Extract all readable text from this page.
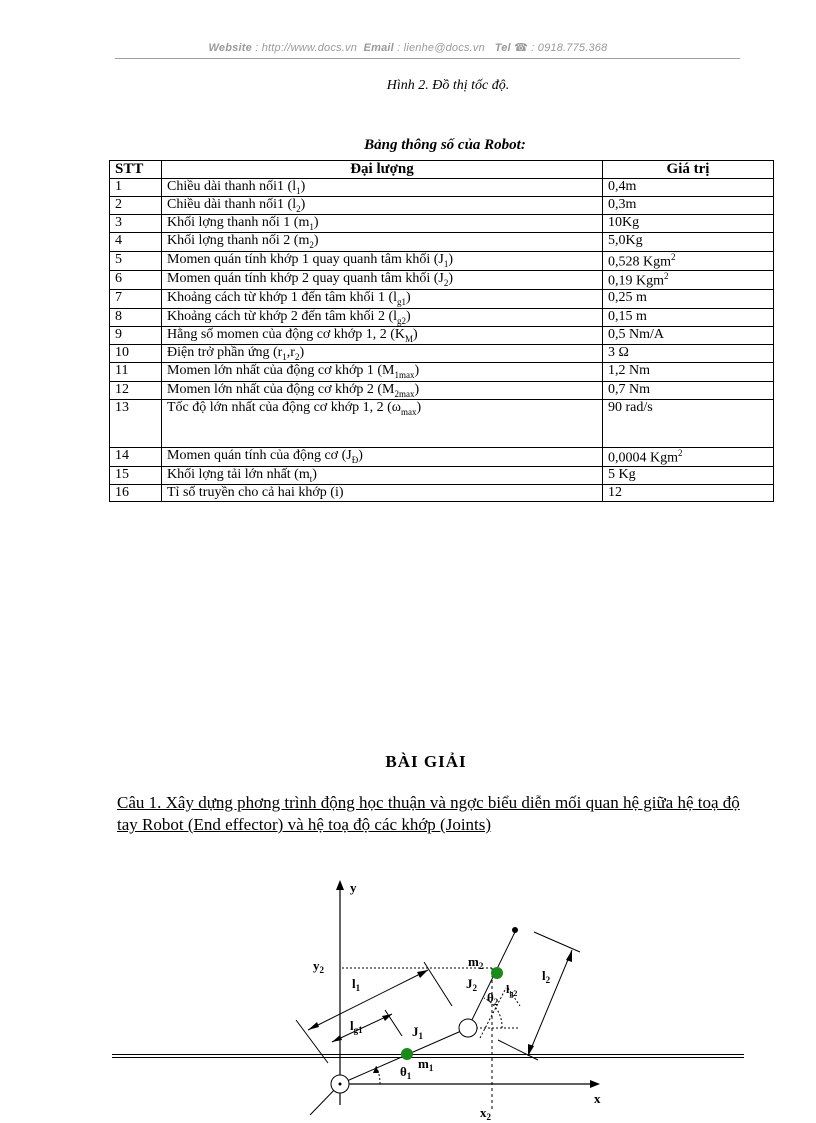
Website : http://www.docs.vn Email : lienhe@docs.vn Tel ☎ : 0918.775.368
Hình 2. Đồ thị tốc độ.
Bảng thông số của Robot:
STT	Đại lượng	Giá trị
1	Chiều dài thanh nối1 $(l_1)$	0,4m
2	Chiều dài thanh nối1 $(l_2)$	0,3m
3	Khối lợng thanh nối 1 $(m_1)$	10Kg
4	Khối lợng thanh nối 2 $(m_2)$	5,0Kg
5	Momen quán tính khớp 1 quay quanh tâm khối $(J_1)$	0,528 Kgm$^2$
6	Momen quán tính khớp 2 quay quanh tâm khối $(J_2)$	0,19 Kgm$^2$
7	Khoảng cách từ khớp 1 đến tâm khối 1 $(l_{g1})$	0,25 m
8	Khoảng cách từ khớp 2 đến tâm khối 2 $(l_{g2})$	0,15 m
9	Hằng số momen của động cơ khớp 1, 2 $(K_M)$	0,5 Nm/A
10	Điện trở phần ứng $(r_1,r_2)$	3 Ω
11	Momen lớn nhất của động cơ khớp 1 $(M_{1max})$	1,2 Nm
12	Momen lớn nhất của động cơ khớp 2 $(M_{2max})$	0,7 Nm
13	Tốc độ lớn nhất của động cơ khớp 1, 2 $(\omega_{max})$	90 rad/s
14	Momen quán tính của động cơ $(J_Đ)$	0,0004 Kgm$^2$
15	Khối lợng tải lớn nhất $(m_t)$	5 Kg
16	Tỉ số truyền cho cả hai khớp (i)	12
BÀI GIẢI
Câu 1. Xây dựng phơng trình động học thuận và ngợc biểu diễn mối quan hệ giữa hệ toạ độ tay Robot (End effector) và hệ toạ độ các khớp (Joints)
y
x
$y_2$
$x_2$
$l_1$
$l_{g1}$
$l_2$
$l_{g2}$
$\theta_1$
$\theta_2$
$J_1$
$J_2$
$m_1$
$m_2$
